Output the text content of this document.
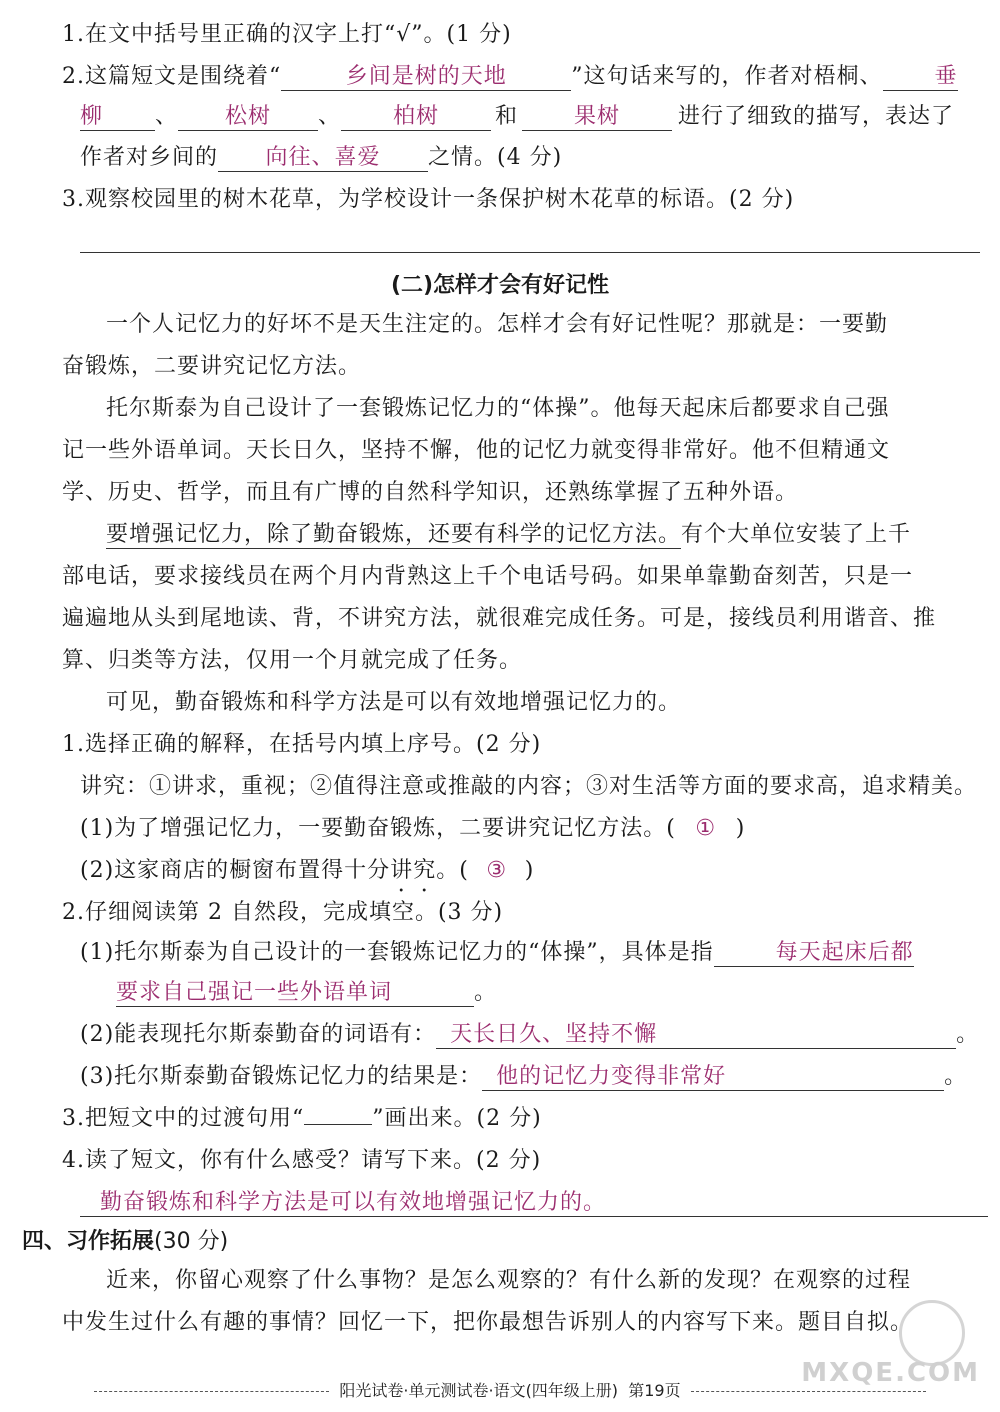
1.在文中括号里正确的汉字上打“√”。(1 分)
2.这篇短文是围绕着“	乡间是树的天地	”这句话来写的，作者对梧桐、 垂
柳 、 松树 、 柏树	和	果树	进行了细致的描写，表达了
作者对乡间的 向往、喜爱 之情。(4 分)
3.观察校园里的树木花草，为学校设计一条保护树木花草的标语。(2 分)
(二)怎样才会有好记性
一个人记忆力的好坏不是天生注定的。怎样才会有好记性呢？那就是：一要勤
奋锻炼，二要讲究记忆方法。
托尔斯泰为自己设计了一套锻炼记忆力的“体操”。他每天起床后都要求自己强
记一些外语单词。天长日久，坚持不懈，他的记忆力就变得非常好。他不但精通文
学、历史、哲学，而且有广博的自然科学知识，还熟练掌握了五种外语。
要增强记忆力，除了勤奋锻炼，还要有科学的记忆方法。有个大单位安装了上千
部电话，要求接线员在两个月内背熟这上千个电话号码。如果单靠勤奋刻苦，只是一
遍遍地从头到尾地读、背，不讲究方法，就很难完成任务。可是，接线员利用谐音、推
算、归类等方法，仅用一个月就完成了任务。
可见，勤奋锻炼和科学方法是可以有效地增强记忆力的。
1.选择正确的解释，在括号内填上序号。(2 分)
讲究：①讲求，重视；②值得注意或推敲的内容；③对生活等方面的要求高，追求精美。
(1)为了增强记忆力，一要勤奋锻炼，二要讲究记忆方法。( ① )
(2)这家商店的橱窗布置得十分讲究。( ③ )
2.仔细阅读第 2 自然段，完成填空。(3 分)
(1)托尔斯泰为自己设计的一套锻炼记忆力的“体操”，具体是指	每天起床后都
要求自己强记一些外语单词	。
(2)能表现托尔斯泰勤奋的词语有： 天长日久、坚持不懈	。
(3)托尔斯泰勤奋锻炼记忆力的结果是： 他的记忆力变得非常好	。
3.把短文中的过渡句用“	”画出来。(2 分)
4.读了短文，你有什么感受？请写下来。(2 分)
勤奋锻炼和科学方法是可以有效地增强记忆力的。
四、习作拓展(30 分)
近来，你留心观察了什么事物？是怎么观察的？有什么新的发现？在观察的过程
中发生过什么有趣的事情？回忆一下，把你最想告诉别人的内容写下来。题目自拟。
MXQE.COM
阳光试卷·单元测试卷·语文(四年级上册) 第19页
